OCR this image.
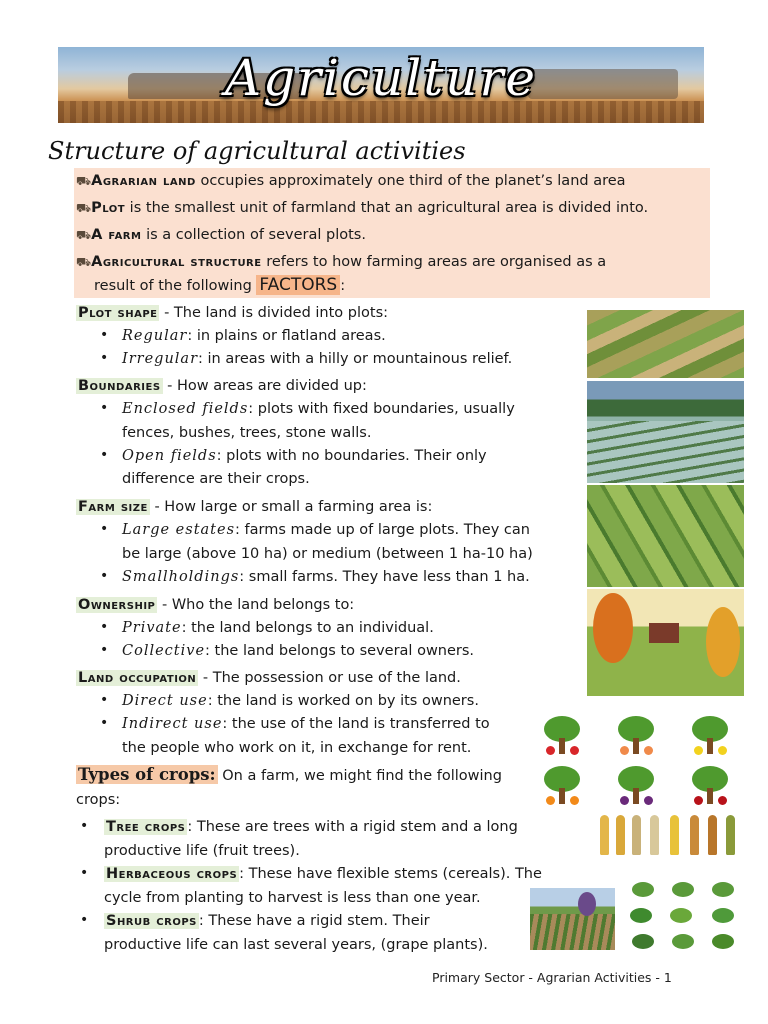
Agriculture
Structure of agricultural activities
⛟Agrarian land occupies approximately one third of the planet’s land area
⛟Plot is the smallest unit of farmland that an agricultural area is divided into.
⛟A farm is a collection of several plots.
⛟Agricultural structure refers to how farming areas are organised as a
result of the following FACTORS :
Plot shape - The land is divided into plots:
• Regular: in plains or flatland areas.
• Irregular: in areas with a hilly or mountainous relief.
Boundaries - How areas are divided up:
• Enclosed fields: plots with fixed boundaries, usually
fences, bushes, trees, stone walls.
• Open fields: plots with no boundaries. Their only
difference are their crops.
Farm size - How large or small a farming area is:
• Large estates: farms made up of large plots. They can
be large (above 10 ha) or medium (between 1 ha-10 ha)
• Smallholdings: small farms. They have less than 1 ha.
Ownership - Who the land belongs to:
• Private: the land belongs to an individual.
• Collective: the land belongs to several owners.
Land occupation - The possession or use of the land.
• Direct use: the land is worked on by its owners.
• Indirect use: the use of the land is transferred to
the people who work on it, in exchange for rent.
Types of crops: On a farm, we might find the following
crops:
• Tree crops : These are trees with a rigid stem and a long
productive life (fruit trees).
• Herbaceous crops : These have flexible stems (cereals). The
cycle from planting to harvest is less than one year.
• Shrub crops : These have a rigid stem. Their
productive life can last several years, (grape plants).
Primary Sector - Agrarian Activities - 1
